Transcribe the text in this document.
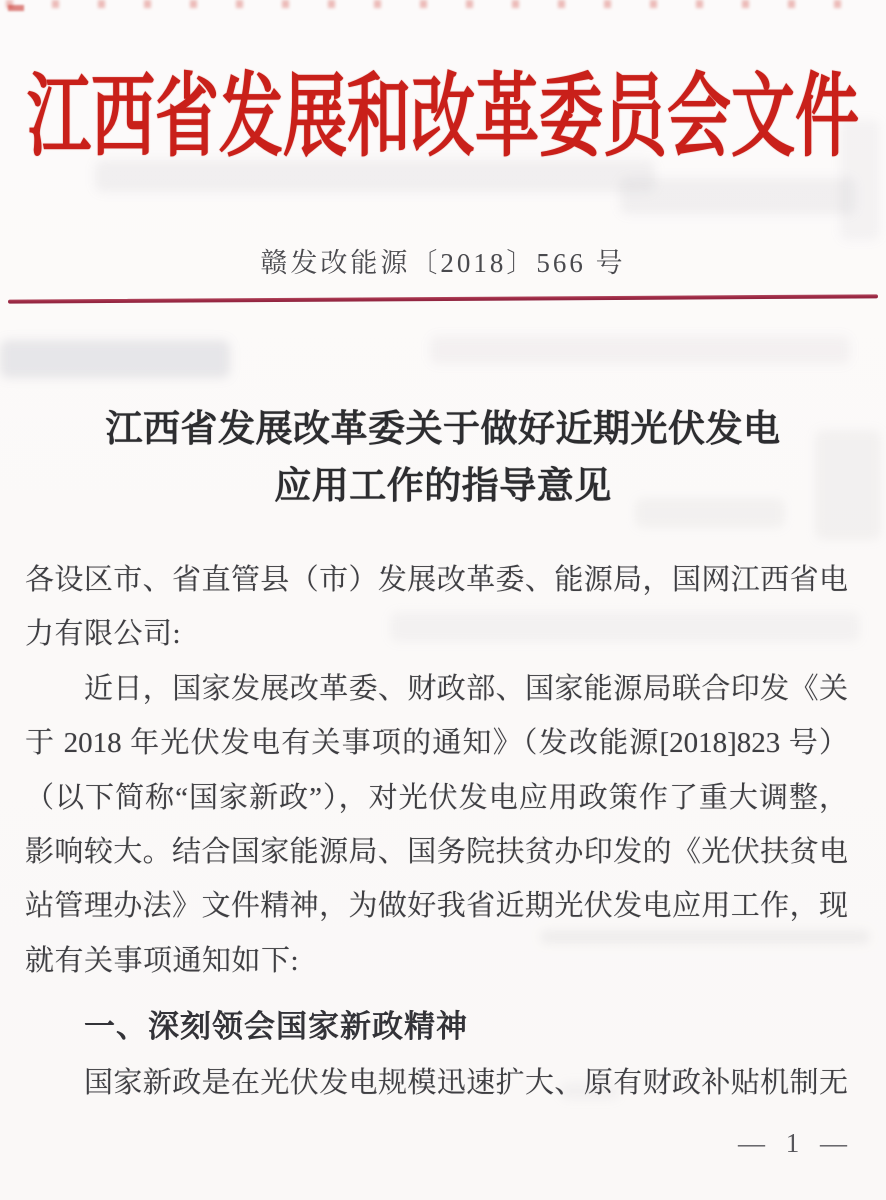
江西省发展和改革委员会文件
赣发改能源〔2018〕566 号
江西省发展改革委关于做好近期光伏发电
应用工作的指导意见
各设区市、省直管县（市）发展改革委、能源局，国网江西省电
力有限公司:
近日，国家发展改革委、财政部、国家能源局联合印发《关
于 2018 年光伏发电有关事项的通知》（发改能源[2018]823 号）
（以下简称“国家新政”），对光伏发电应用政策作了重大调整，
影响较大。结合国家能源局、国务院扶贫办印发的《光伏扶贫电
站管理办法》文件精神，为做好我省近期光伏发电应用工作，现
就有关事项通知如下:
一、深刻领会国家新政精神
国家新政是在光伏发电规模迅速扩大、原有财政补贴机制无
— 1 —
